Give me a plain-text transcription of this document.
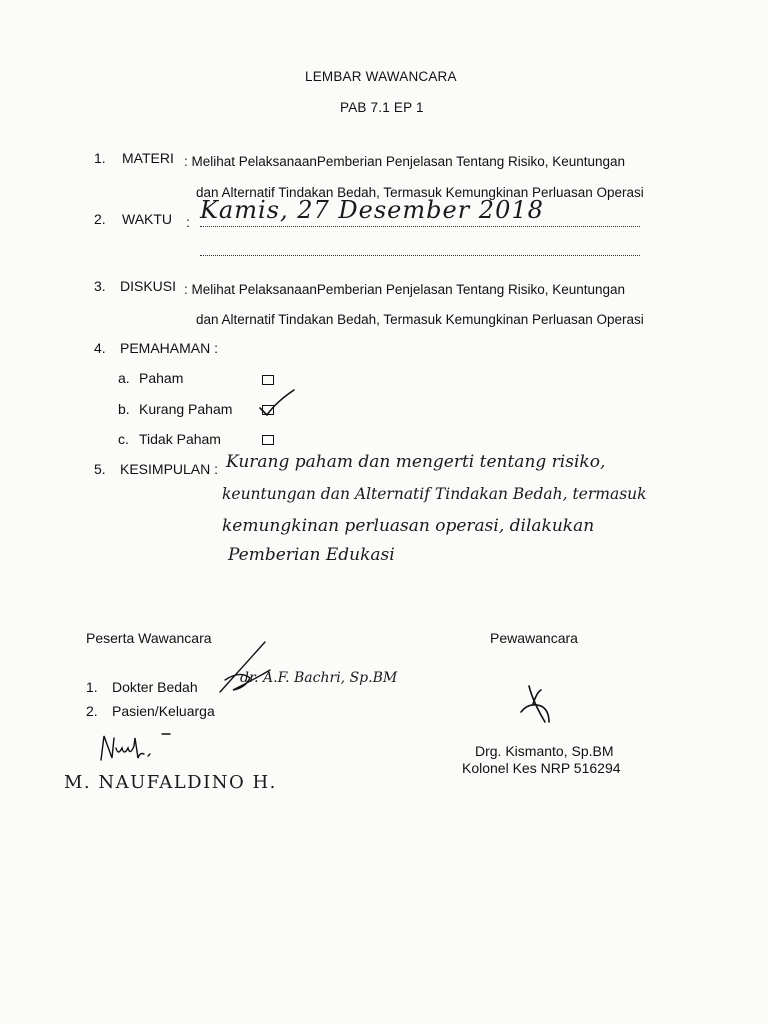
LEMBAR WAWANCARA
PAB 7.1 EP 1
1. MATERI : Melihat PelaksanaanPemberian Penjelasan Tentang Risiko, Keuntungan
dan Alternatif Tindakan Bedah, Termasuk Kemungkinan Perluasan Operasi
2. WAKTU : Kamis, 27 Desember 2018
3. DISKUSI : Melihat PelaksanaanPemberian Penjelasan Tentang Risiko, Keuntungan
dan Alternatif Tindakan Bedah, Termasuk Kemungkinan Perluasan Operasi
4. PEMAHAMAN :
a. Paham
b. Kurang Paham
c. Tidak Paham
5. KESIMPULAN : Kurang paham dan mengerti tentang risiko,
keuntungan dan Alternatif Tindakan Bedah, termasuk
kemungkinan perluasan operasi, dilakukan
Pemberian Edukasi
Peserta Wawancara	Pewawancara
1. Dokter Bedah
dr. A.F. Bachri, Sp.BM
2. Pasien/Keluarga
M. NAUFALDINO H.
Drg. Kismanto, Sp.BM
Kolonel Kes NRP 516294
